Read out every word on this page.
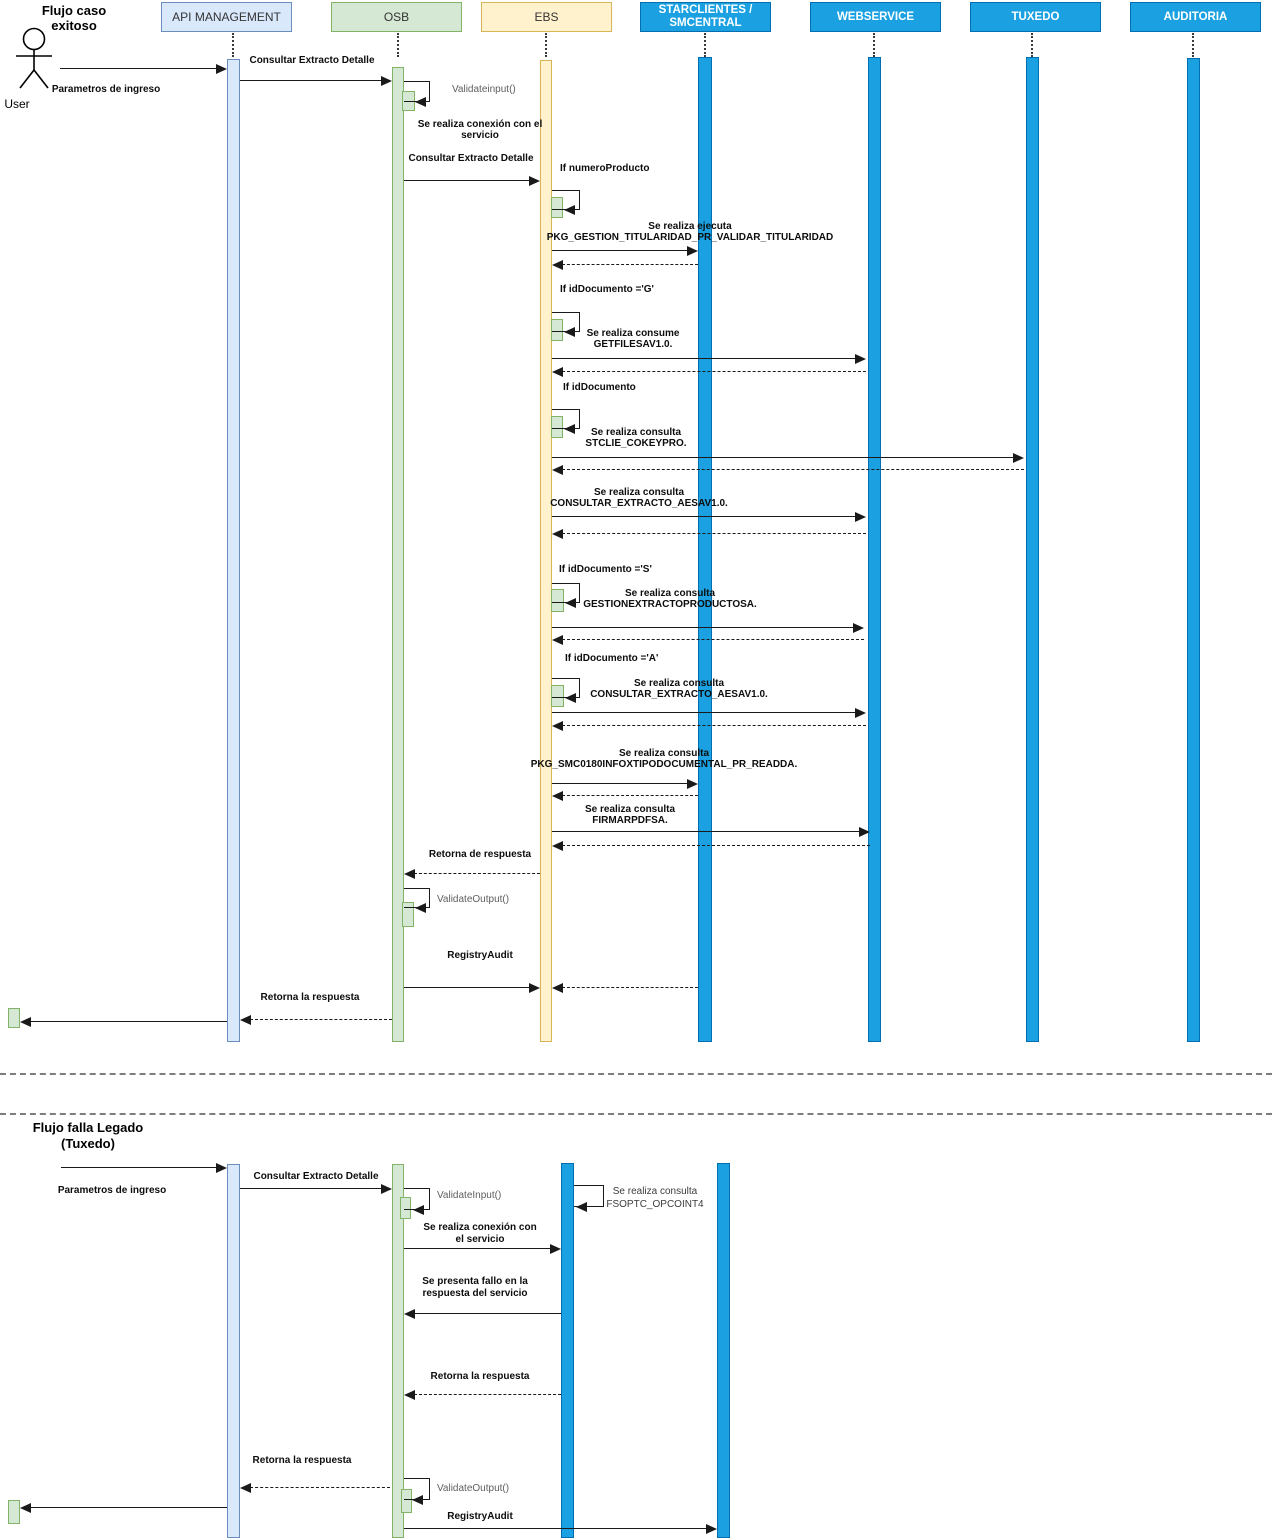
Flujo caso
exitoso
Flujo falla Legado
(Tuxedo)
User
API MANAGEMENT	OSB	EBS	STARCLIENTES /
SMCENTRAL
WEBSERVICE	TUXEDO	AUDITORIA
Parametros de ingreso
Consultar Extracto Detalle
Validateinput()
Se realiza conexión con el
servicio
Consultar Extracto Detalle
If numeroProducto
Se realiza ejecuta
PKG_GESTION_TITULARIDAD_PR_VALIDAR_TITULARIDAD
If idDocumento ='G'
Se realiza consume
GETFILESAV1.0.
If idDocumento
Se realiza consulta
STCLIE_COKEYPRO.
Se realiza consulta
CONSULTAR_EXTRACTO_AESAV1.0.
If idDocumento ='S'
Se realiza consulta
GESTIONEXTRACTOPRODUCTOSA.
If idDocumento ='A'
Se realiza consulta
CONSULTAR_EXTRACTO_AESAV1.0.
Se realiza consulta
PKG_SMC0180INFOXTIPODOCUMENTAL_PR_READDA.
Se realiza consulta
FIRMARPDFSA.
Retorna de respuesta
ValidateOutput()
RegistryAudit
Retorna la respuesta
Parametros de ingreso
Consultar Extracto Detalle
ValidateInput()	Se realiza consulta
FSOPTC_OPCOINT4
Se realiza conexión con
el servicio
Se presenta fallo en la
respuesta del servicio
Retorna la respuesta
Retorna la respuesta
ValidateOutput()
RegistryAudit
